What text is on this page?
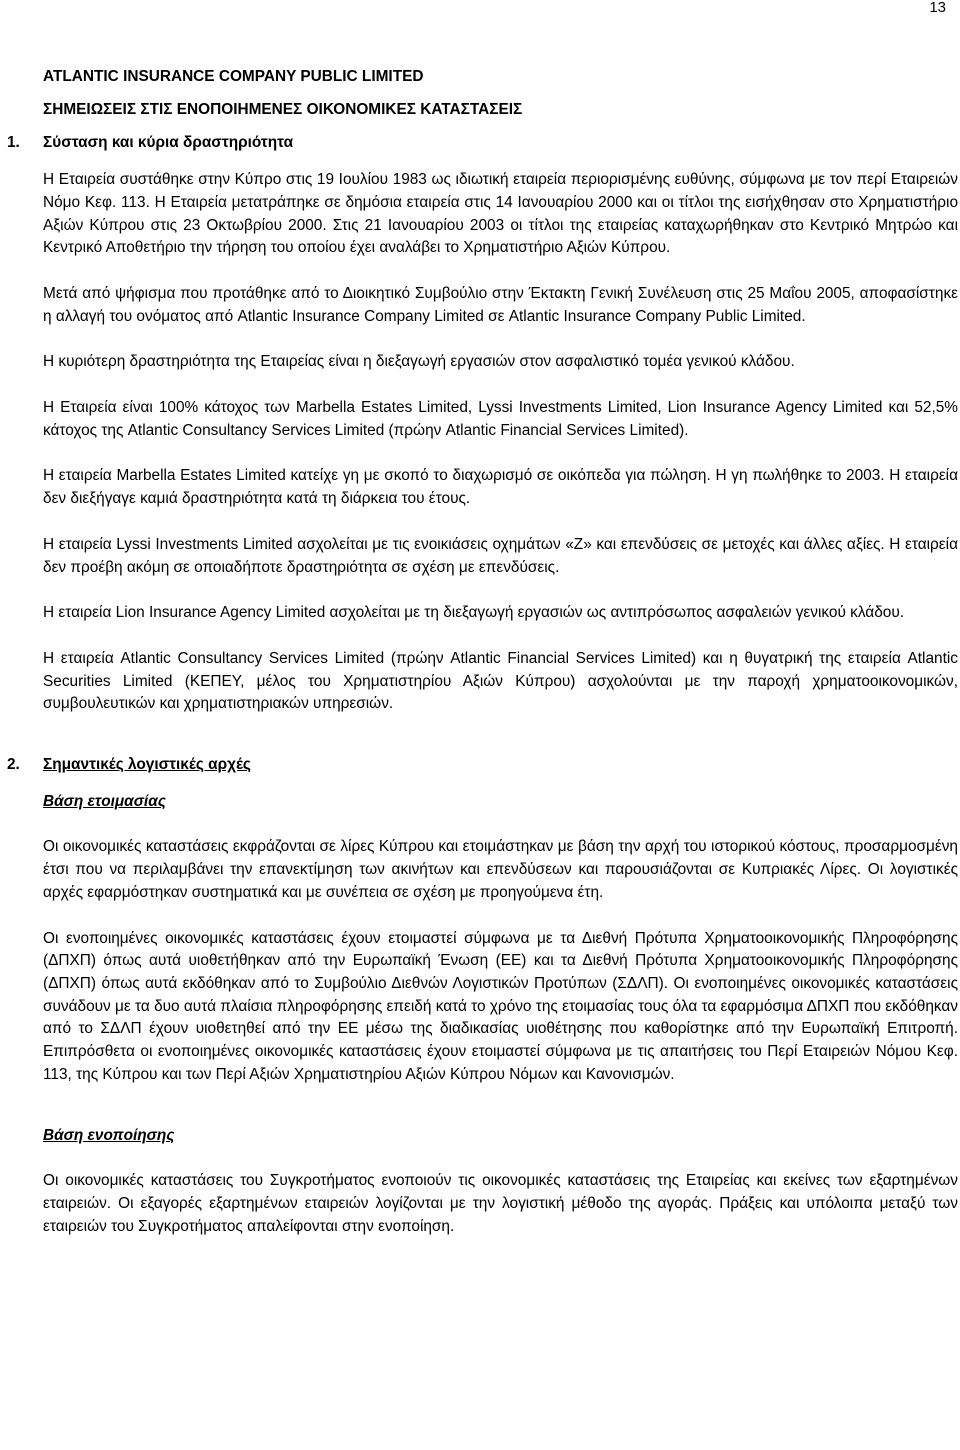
13

ATLANTIC INSURANCE COMPANY PUBLIC LIMITED

ΣΗΜΕΙΩΣΕΙΣ ΣΤΙΣ ΕΝΟΠΟΙΗΜΕΝΕΣ ΟΙΚΟΝΟΜΙΚΕΣ ΚΑΤΑΣΤΑΣΕΙΣ

1.	Σύσταση και κύρια δραστηριότητα

Η Εταιρεία συστάθηκε στην Κύπρο στις 19 Ιουλίου 1983 ως ιδιωτική εταιρεία περιορισμένης ευθύνης, σύμφωνα με τον περί Εταιρειών Νόμο Κεφ. 113. Η Εταιρεία μετατράπηκε σε δημόσια εταιρεία στις 14 Ιανουαρίου 2000 και οι τίτλοι της εισήχθησαν στο Χρηματιστήριο Αξιών Κύπρου στις 23 Οκτωβρίου 2000. Στις 21 Ιανουαρίου 2003 οι τίτλοι της εταιρείας καταχωρήθηκαν στο Κεντρικό Μητρώο και Κεντρικό Αποθετήριο την τήρηση του οποίου έχει αναλάβει το Χρηματιστήριο Αξιών Κύπρου.

Μετά από ψήφισμα που προτάθηκε από το Διοικητικό Συμβούλιο στην Έκτακτη Γενική Συνέλευση στις 25 Μαΐου 2005, αποφασίστηκε η αλλαγή του ονόματος από Atlantic Insurance Company Limited σε Atlantic Insurance Company Public Limited.

Η κυριότερη δραστηριότητα της Εταιρείας είναι η διεξαγωγή εργασιών στον ασφαλιστικό τομέα γενικού κλάδου.

Η Εταιρεία είναι 100% κάτοχος των Marbella Estates Limited, Lyssi Investments Limited, Lion Insurance Agency Limited και 52,5% κάτοχος της Atlantic Consultancy Services Limited (πρώην Atlantic Financial Services Limited).

Η εταιρεία Marbella Estates Limited κατείχε γη με σκοπό το διαχωρισμό σε οικόπεδα για πώληση. Η γη πωλήθηκε το 2003. Η εταιρεία δεν διεξήγαγε καμιά δραστηριότητα κατά τη διάρκεια του έτους.

Η εταιρεία Lyssi Investments Limited ασχολείται με τις ενοικιάσεις οχημάτων «Z» και επενδύσεις σε μετοχές και άλλες αξίες. Η εταιρεία δεν προέβη ακόμη σε οποιαδήποτε δραστηριότητα σε σχέση με επενδύσεις.

Η εταιρεία Lion Insurance Agency Limited ασχολείται με τη διεξαγωγή εργασιών ως αντιπρόσωπος ασφαλειών γενικού κλάδου.

Η εταιρεία Atlantic Consultancy Services Limited (πρώην Atlantic Financial Services Limited) και η θυγατρική της εταιρεία Atlantic Securities Limited (ΚΕΠΕΥ, μέλος του Χρηματιστηρίου Αξιών Κύπρου) ασχολούνται με την παροχή χρηματοοικονομικών, συμβουλευτικών και χρηματιστηριακών υπηρεσιών.

2.	Σημαντικές λογιστικές αρχές

Βάση ετοιμασίας

Οι οικονομικές καταστάσεις εκφράζονται σε λίρες Κύπρου και ετοιμάστηκαν με βάση την αρχή του ιστορικού κόστους, προσαρμοσμένη έτσι που να περιλαμβάνει την επανεκτίμηση των ακινήτων και επενδύσεων και παρουσιάζονται σε Κυπριακές Λίρες. Οι λογιστικές αρχές εφαρμόστηκαν συστηματικά και με συνέπεια σε σχέση με προηγούμενα έτη.

Οι ενοποιημένες οικονομικές καταστάσεις έχουν ετοιμαστεί σύμφωνα με τα Διεθνή Πρότυπα Χρηματοοικονομικής Πληροφόρησης (ΔΠΧΠ) όπως αυτά υιοθετήθηκαν από την Ευρωπαϊκή Ένωση (ΕΕ) και τα Διεθνή Πρότυπα Χρηματοοικονομικής Πληροφόρησης (ΔΠΧΠ) όπως αυτά εκδόθηκαν από το Συμβούλιο Διεθνών Λογιστικών Προτύπων (ΣΔΛΠ). Οι ενοποιημένες οικονομικές καταστάσεις συνάδουν με τα δυο αυτά πλαίσια πληροφόρησης επειδή κατά το χρόνο της ετοιμασίας τους όλα τα εφαρμόσιμα ΔΠΧΠ που εκδόθηκαν από το ΣΔΛΠ έχουν υιοθετηθεί από την ΕΕ μέσω της διαδικασίας υιοθέτησης που καθορίστηκε από την Ευρωπαϊκή Επιτροπή. Επιπρόσθετα οι ενοποιημένες οικονομικές καταστάσεις έχουν ετοιμαστεί σύμφωνα με τις απαιτήσεις του Περί Εταιρειών Νόμου Κεφ. 113, της Κύπρου και των Περί Αξιών Χρηματιστηρίου Αξιών Κύπρου Νόμων και Κανονισμών.

Βάση ενοποίησης

Οι οικονομικές καταστάσεις του Συγκροτήματος ενοποιούν τις οικονομικές καταστάσεις της Εταιρείας και εκείνες των εξαρτημένων εταιρειών. Οι εξαγορές εξαρτημένων εταιρειών λογίζονται με την λογιστική μέθοδο της αγοράς. Πράξεις και υπόλοιπα μεταξύ των εταιρειών του Συγκροτήματος απαλείφονται στην ενοποίηση.
